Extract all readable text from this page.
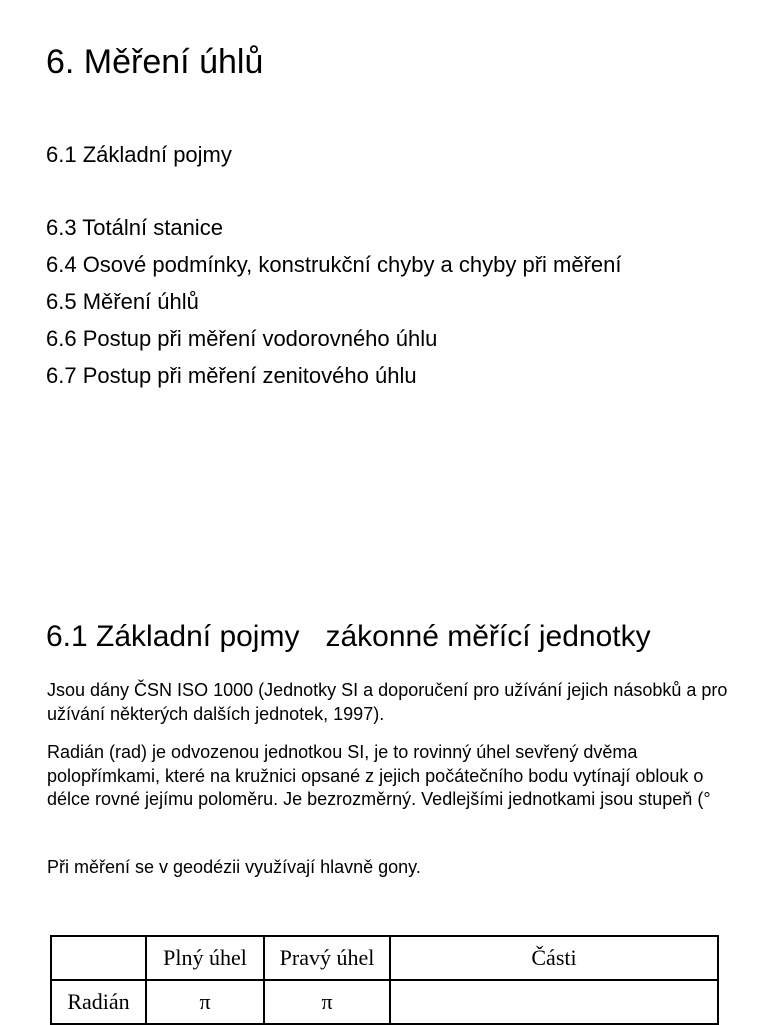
6. Měření úhlů
6.1 Základní pojmy
6.3 Totální stanice
6.4 Osové podmínky, konstrukční chyby a chyby při měření
6.5 Měření úhlů
6.6 Postup při měření vodorovného úhlu
6.7 Postup při měření zenitového úhlu
6.1 Základní pojmy zákonné měřící jednotky

Jsou dány ČSN ISO 1000 (Jednotky SI a doporučení pro užívání jejich násobků a pro užívání některých dalších jednotek, 1997).

Radián (rad) je odvozenou jednotkou SI, je to rovinný úhel sevřený dvěma polopřímkami, které na kružnici opsané z jejich počátečního bodu vytínají oblouk o délce rovné jejímu poloměru. Je bezrozměrný. Vedlejšími jednotkami jsou stupeň (°

Při měření se v geodézii využívají hlavně gony.

	Plný úhel	Pravý úhel	Části
Radián	π	π	
